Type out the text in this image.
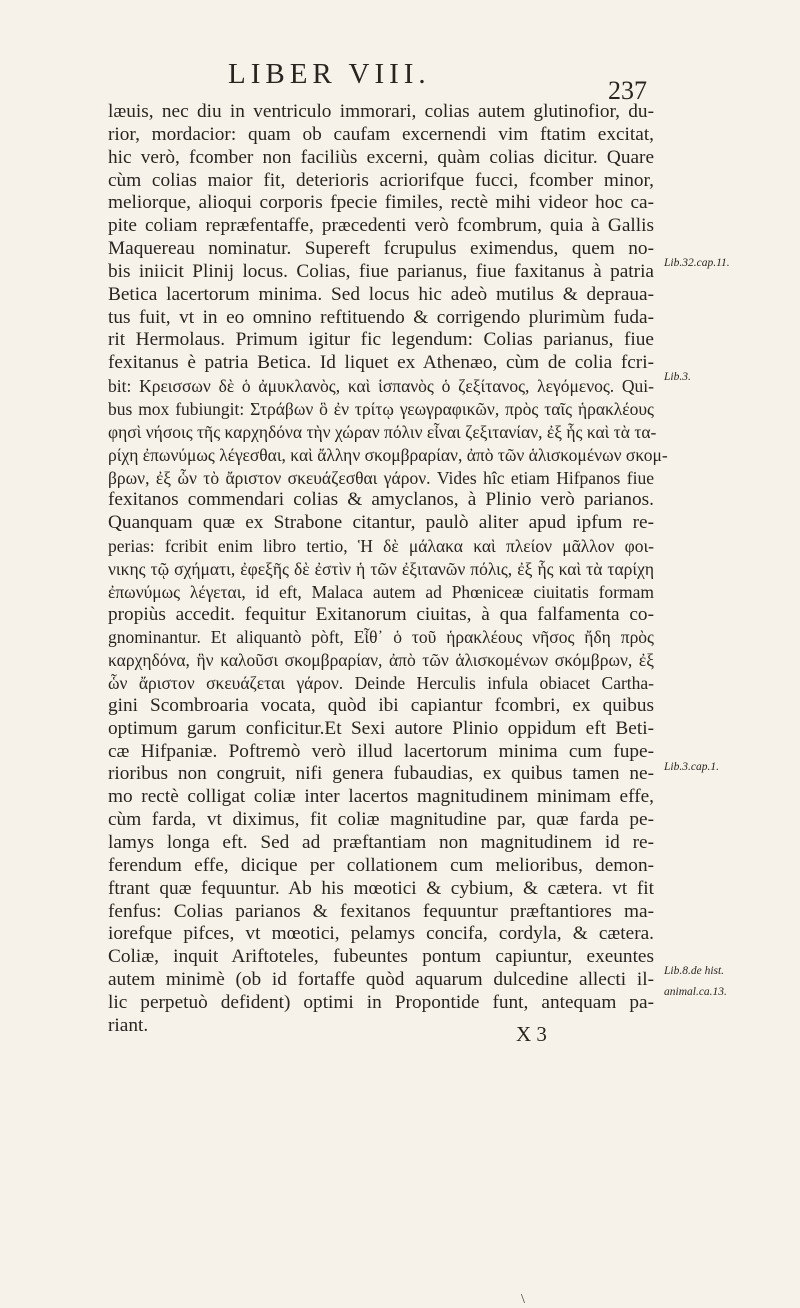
LIBER VIII.
237
læuis, nec diu in ventriculo immorari, colias autem glutinofior, du-
rior, mordacior: quam ob caufam excernendi vim ftatim excitat,
hic verò, fcomber non faciliùs excerni, quàm colias dicitur. Quare
cùm colias maior fit, deterioris acriorifque fucci, fcomber minor,
meliorque, alioqui corporis fpecie fimiles, rectè mihi videor hoc ca-
pite coliam repræfentaffe, præcedenti verò fcombrum, quia à Gallis
Maquereau nominatur. Supereft fcrupulus eximendus, quem no-
bis iniicit Plinij locus. Colias, fiue parianus, fiue faxitanus à patria
Betica lacertorum minima. Sed locus hic adeò mutilus & deprauа-
tus fuit, vt in eo omnino reftituendo & corrigendo plurimùm fuda-
rit Hermolaus. Primum igitur fic legendum: Colias parianus, fiue
fexitanus è patria Betica. Id liquet ex Athenæo, cùm de colia fcri-
bit: Κρεισσων δὲ ὁ ἀμυκλανὸς, καὶ ἱσπανὸς ὁ ζεξίτανος, λεγόμενος. Qui-
bus mox fubiungit: Στράβων ὃ ἐν τρίτῳ γεωγραφικῶν, πρὸς ταῖς ἡρακλέους
φησὶ νήσοις τῆς καρχηδόνα τὴν χώραν πόλιν εἶναι ζεξιτανίαν, ἐξ ἧς καὶ τὰ τα-
ρίχη ἐπωνύμως λέγεσθαι, καὶ ἄλλην σκομβραρίαν, ἀπὸ τῶν ἁλισκομένων σκομ-
βρων, ἐξ ὧν τὸ ἄριστον σκευάζεσθαι γάρον. Vides hîc etiam Hifpanos fiue
fexitanos commendari colias & amyclanos, à Plinio verò parianos.
Quanquam quæ ex Strabone citantur, paulò aliter apud ipfum re-
perias: fcribit enim libro tertio, Ἡ δὲ μάλακα καὶ πλείον μᾶλλον φοι-
νικης τῷ σχήματι, ἐφεξῆς δὲ ἐστὶν ἡ τῶν ἐξιτανῶν πόλις, ἐξ ἧς καὶ τὰ ταρίχη
ἐπωνύμως λέγεται, id eft, Malaca autem ad Phœniceæ ciuitatis formam
propiùs accedit. fequitur Exitanorum ciuitas, à qua falfamenta co-
gnominantur. Et aliquantò pòft, Εἶθ᾽ ὁ τοῦ ἡρακλέους νῆσος ἤδη πρὸς
καρχηδόνα, ἣν καλοῦσι σκομβραρίαν, ἀπὸ τῶν ἁλισκομένων σκόμβρων, ἐξ
ὧν ἄριστον σκευάζεται γάρον. Deinde Herculis infula obiacet Cartha-
gini Scombroaria vocata, quòd ibi capiantur fcombri, ex quibus
optimum garum conficitur.Et Sexi autore Plinio oppidum eft Beti-
cæ Hifpaniæ. Poftremò verò illud lacertorum minima cum fupe-
rioribus non congruit, nifi genera fubaudias, ex quibus tamen ne-
mo rectè colligat coliæ inter lacertos magnitudinem minimam effe,
cùm farda, vt diximus, fit coliæ magnitudine par, quæ farda pe-
lamys longa eft. Sed ad præftantiam non magnitudinem id re-
ferendum effe, dicique per collationem cum melioribus, demon-
ftrant quæ fequuntur. Ab his mœotici & cybium, & cætera. vt fit
fenfus: Colias parianos & fexitanos fequuntur præftantiores ma-
iorefque pifces, vt mœotici, pelamys concifa, cordyla, & cætera.
Coliæ, inquit Ariftoteles, fubeuntes pontum capiuntur, exeuntes
autem minimè (ob id fortaffe quòd aquarum dulcedine allecti il-
lic perpetuò defident) optimi in Propontide funt, antequam pa-
riant.
Lib.32.cap.11.
Lib.3.
Lib.3.cap.1.
Lib.8.de hist.
animal.ca.13.
X 3
\
